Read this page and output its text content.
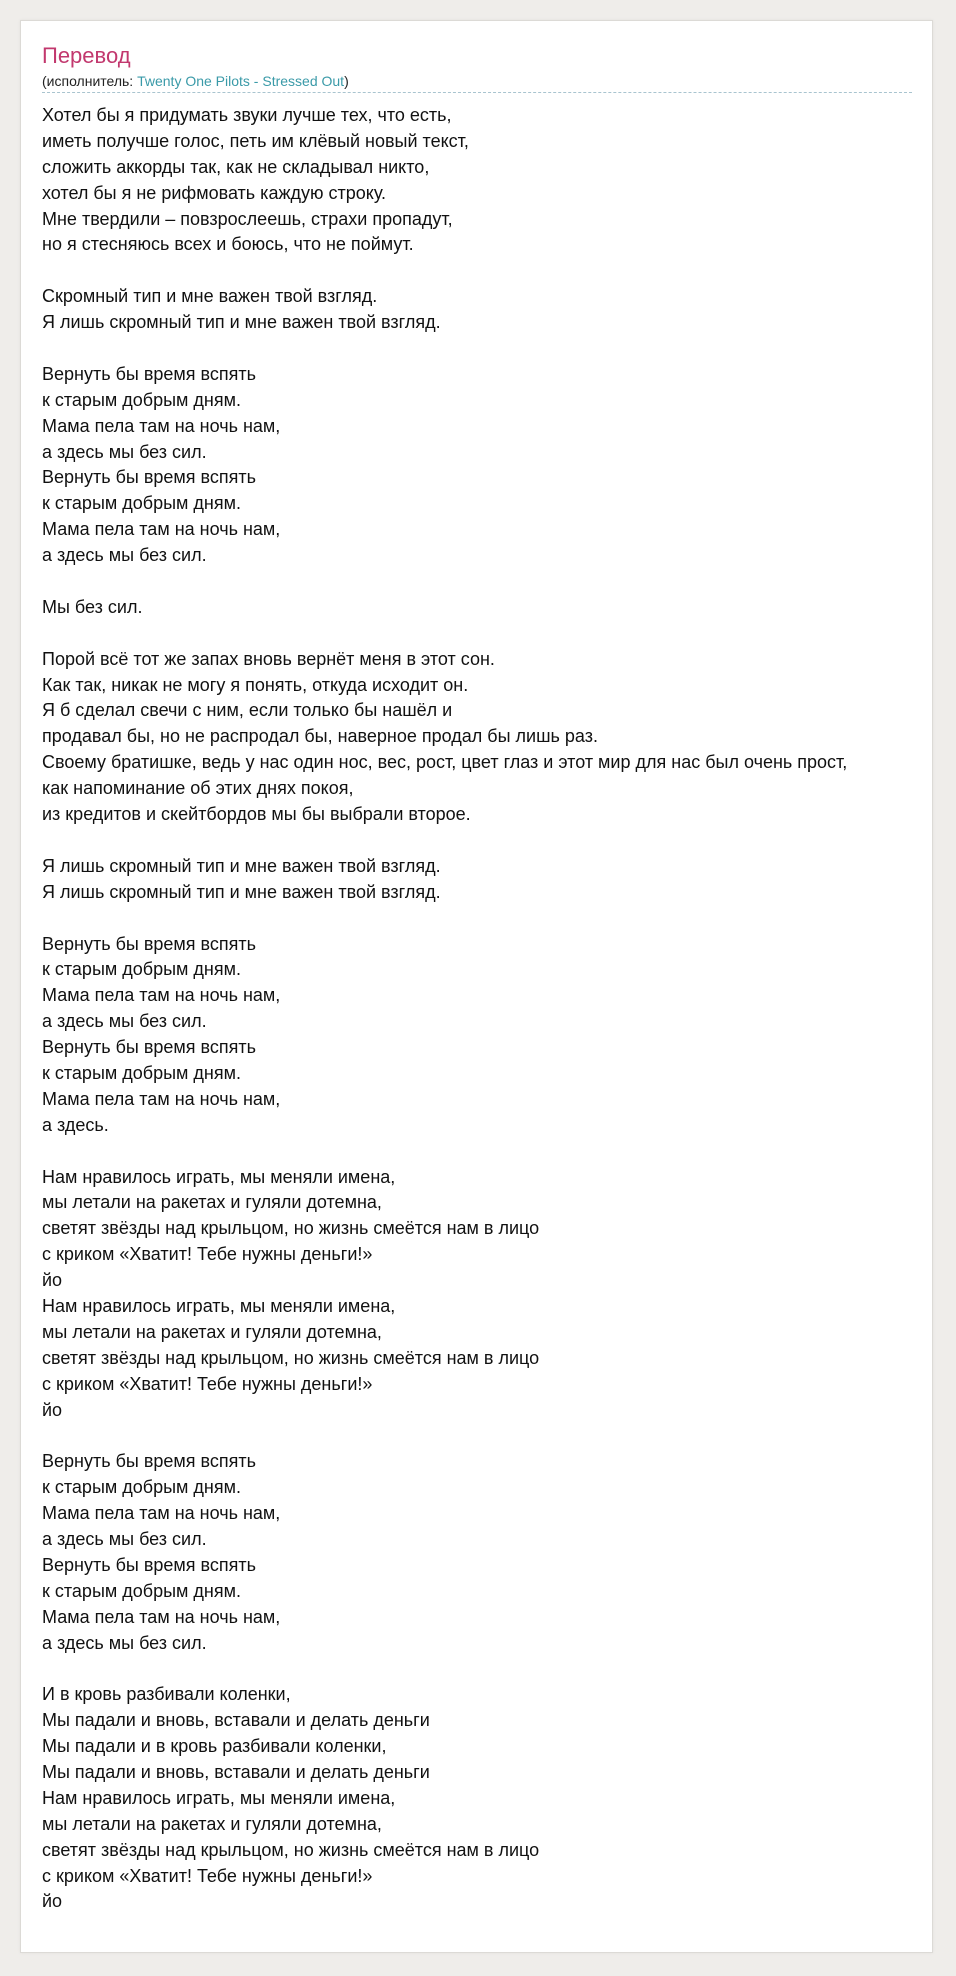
Перевод
(исполнитель: Twenty One Pilots - Stressed Out)
Хотел бы я придумать звуки лучше тех, что есть,
иметь получше голос, петь им клёвый новый текст,
сложить аккорды так, как не складывал никто,
хотел бы я не рифмовать каждую строку.
Мне твердили – повзрослеешь, страхи пропадут,
но я стесняюсь всех и боюсь, что не поймут.
Скромный тип и мне важен твой взгляд.
Я лишь скромный тип и мне важен твой взгляд.
Вернуть бы время вспять
к старым добрым дням.
Мама пела там на ночь нам,
а здесь мы без сил.
Вернуть бы время вспять
к старым добрым дням.
Мама пела там на ночь нам,
а здесь мы без сил.
Мы без сил.
Порой всё тот же запах вновь вернёт меня в этот сон.
Как так, никак не могу я понять, откуда исходит он.
Я б сделал свечи с ним, если только бы нашёл и
продавал бы, но не распродал бы, наверное продал бы лишь раз.
Своему братишке, ведь у нас один нос, вес, рост, цвет глаз и этот мир для нас был очень прост,
как напоминание об этих днях покоя,
из кредитов и скейтбордов мы бы выбрали второе.
Я лишь скромный тип и мне важен твой взгляд.
Я лишь скромный тип и мне важен твой взгляд.
Вернуть бы время вспять
к старым добрым дням.
Мама пела там на ночь нам,
а здесь мы без сил.
Вернуть бы время вспять
к старым добрым дням.
Мама пела там на ночь нам,
а здесь.
Нам нравилось играть, мы меняли имена,
мы летали на ракетах и гуляли дотемна,
светят звёзды над крыльцом, но жизнь смеётся нам в лицо
с криком «Хватит! Тебе нужны деньги!»
йо
Нам нравилось играть, мы меняли имена,
мы летали на ракетах и гуляли дотемна,
светят звёзды над крыльцом, но жизнь смеётся нам в лицо
с криком «Хватит! Тебе нужны деньги!»
йо
Вернуть бы время вспять
к старым добрым дням.
Мама пела там на ночь нам,
а здесь мы без сил.
Вернуть бы время вспять
к старым добрым дням.
Мама пела там на ночь нам,
а здесь мы без сил.
И в кровь разбивали коленки,
Мы падали и вновь, вставали и делать деньги
Мы падали и в кровь разбивали коленки,
Мы падали и вновь, вставали и делать деньги
Нам нравилось играть, мы меняли имена,
мы летали на ракетах и гуляли дотемна,
светят звёзды над крыльцом, но жизнь смеётся нам в лицо
с криком «Хватит! Тебе нужны деньги!»
йо
